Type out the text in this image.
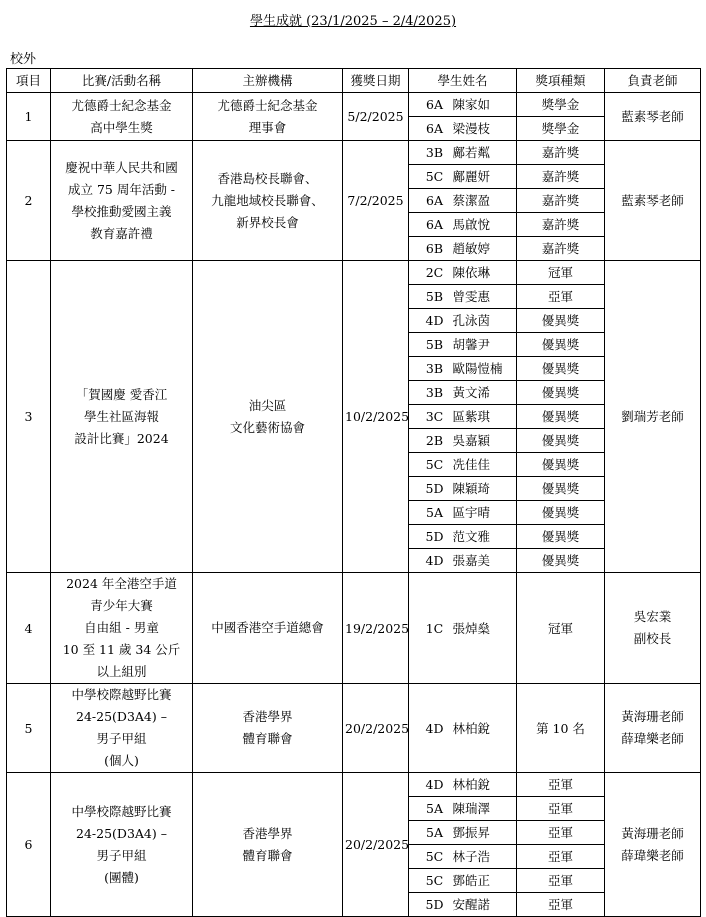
學生成就 (23/1/2025 – 2/4/2025)
校外
項目	比賽/活動名稱	主辦機構	獲獎日期	學生姓名	獎項種類	負責老師
1	尤德爵士紀念基金
高中學生獎	尤德爵士紀念基金
理事會	5/2/2025	6A 陳家如	獎學金	藍素琴老師

				6A 梁漫枝	獎學金	
2	慶祝中華人民共和國
成立 75 周年活動 -
學校推動愛國主義
教育嘉許禮	香港島校長聯會、
九龍地域校長聯會、
新界校長會	7/2/2025	3B 鄺若粼	嘉許獎	藍素琴老師

				5C 鄺麗妍	嘉許獎	
				6A 蔡潔盈	嘉許獎	
				6A 馬啟悅	嘉許獎	
				6B 趙敏婷	嘉許獎	
3	「賀國慶 愛香江
學生社區海報
設計比賽」2024	油尖區
文化藝術協會	10/2/2025	2C 陳依琳	冠軍	劉瑞芳老師

				5B 曾雯惠	亞軍	
				4D 孔泳茵	優異獎	
				5B 胡馨尹	優異獎	
				3B 歐陽愷楠	優異獎	
				3B 黃文浠	優異獎	
				3C 區紫琪	優異獎	
				2B 吳嘉穎	優異獎	
				5C 冼佳佳	優異獎	
				5D 陳穎琦	優異獎	
				5A 區宇晴	優異獎	
				5D 范文雅	優異獎	
				4D 張嘉美	優異獎	
4	2024 年全港空手道
青少年大賽
自由組 - 男童
10 至 11 歲 34 公斤
以上組別	中國香港空手道總會	19/2/2025	1C 張焯燊	冠軍	吳宏業
副校長

5	中學校際越野比賽
24-25(D3A4) –
男子甲組
(個人)	香港學界
體育聯會	20/2/2025	4D 林柏銳	第 10 名	黃海珊老師
薛瑋樂老師

6	中學校際越野比賽
24-25(D3A4) –
男子甲組
(團體)	香港學界
體育聯會	20/2/2025	4D 林柏銳	亞軍	黃海珊老師
薛瑋樂老師

				5A 陳瑞澤	亞軍	
				5A 鄧振昇	亞軍	
				5C 林子浩	亞軍	
				5C 鄧皓正	亞軍	
				5D 安醒諾	亞軍	
